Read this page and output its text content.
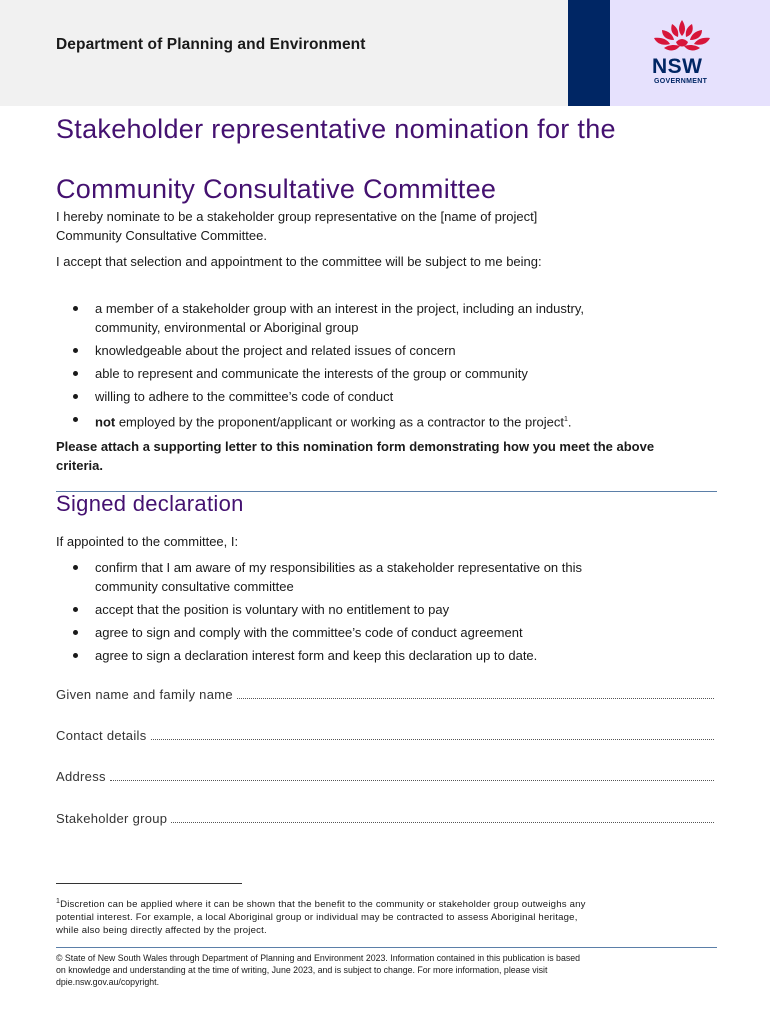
Department of Planning and Environment
NSW
GOVERNMENT
Stakeholder representative nomination for the
Community Consultative Committee
I hereby nominate to be a stakeholder group representative on the [name of project]
Community Consultative Committee.
I accept that selection and appointment to the committee will be subject to me being:
a member of a stakeholder group with an interest in the project, including an industry,
community, environmental or Aboriginal group
knowledgeable about the project and related issues of concern
able to represent and communicate the interests of the group or community
willing to adhere to the committee’s code of conduct
not employed by the proponent/applicant or working as a contractor to the project$^1$.
Please attach a supporting letter to this nomination form demonstrating how you meet the above
criteria.
Signed declaration
If appointed to the committee, I:
confirm that I am aware of my responsibilities as a stakeholder representative on this
community consultative committee
accept that the position is voluntary with no entitlement to pay
agree to sign and comply with the committee’s code of conduct agreement
agree to sign a declaration interest form and keep this declaration up to date.
Given name and family name
Contact details
Address
Stakeholder group
$^1$Discretion can be applied where it can be shown that the benefit to the community or stakeholder group outweighs any
potential interest. For example, a local Aboriginal group or individual may be contracted to assess Aboriginal heritage,
while also being directly affected by the project.
© State of New South Wales through Department of Planning and Environment 2023. Information contained in this publication is based
on knowledge and understanding at the time of writing, June 2023, and is subject to change. For more information, please visit
dpie.nsw.gov.au/copyright.
